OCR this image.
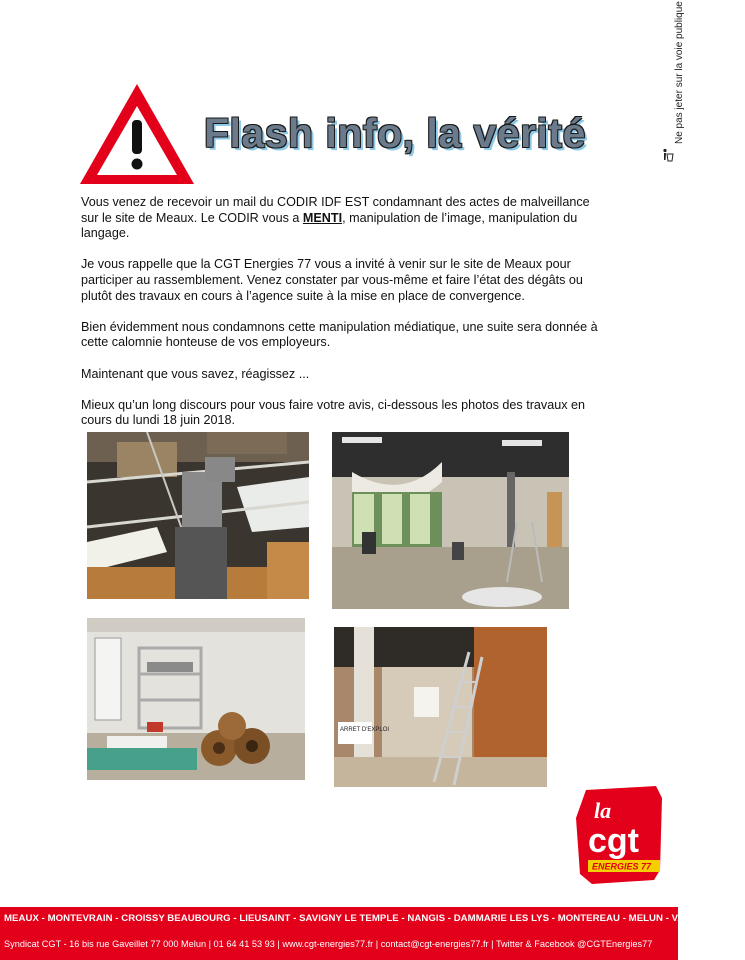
Flash info, la vérité	Ne pas jeter sur la voie publique

Vous venez de recevoir un mail du CODIR IDF EST condamnant des actes de malveillance sur le site de Meaux. Le CODIR vous a MENTI, manipulation de l’image, manipulation du langage.

Je vous rappelle que la CGT Energies 77 vous a invité à venir sur le site de Meaux pour participer au rassemblement. Venez constater par vous-même et faire l’état des dégâts ou plutôt des travaux en cours à l’agence suite à la mise en place de convergence.

Bien évidemment nous condamnons cette manipulation médiatique, une suite sera donnée à cette calomnie honteuse de vos employeurs.

Maintenant que vous savez, réagissez ...

Mieux qu’un long discours pour vous faire votre avis, ci-dessous les photos des travaux en cours du lundi 18 juin 2018.

ARRET D'EXPLOI
la
cgt
ENERGIES 77
MEAUX - MONTEVRAIN - CROISSY BEAUBOURG - LIEUSAINT - SAVIGNY LE TEMPLE - NANGIS - DAMMARIE LES LYS - MONTEREAU - MELUN - VAUX-LE-PENIL
Syndicat CGT - 16 bis rue Gaveillet 77 000 Melun | 01 64 41 53 93 | www.cgt-energies77.fr | contact@cgt-energies77.fr | Twitter & Facebook @CGTEnergies77
